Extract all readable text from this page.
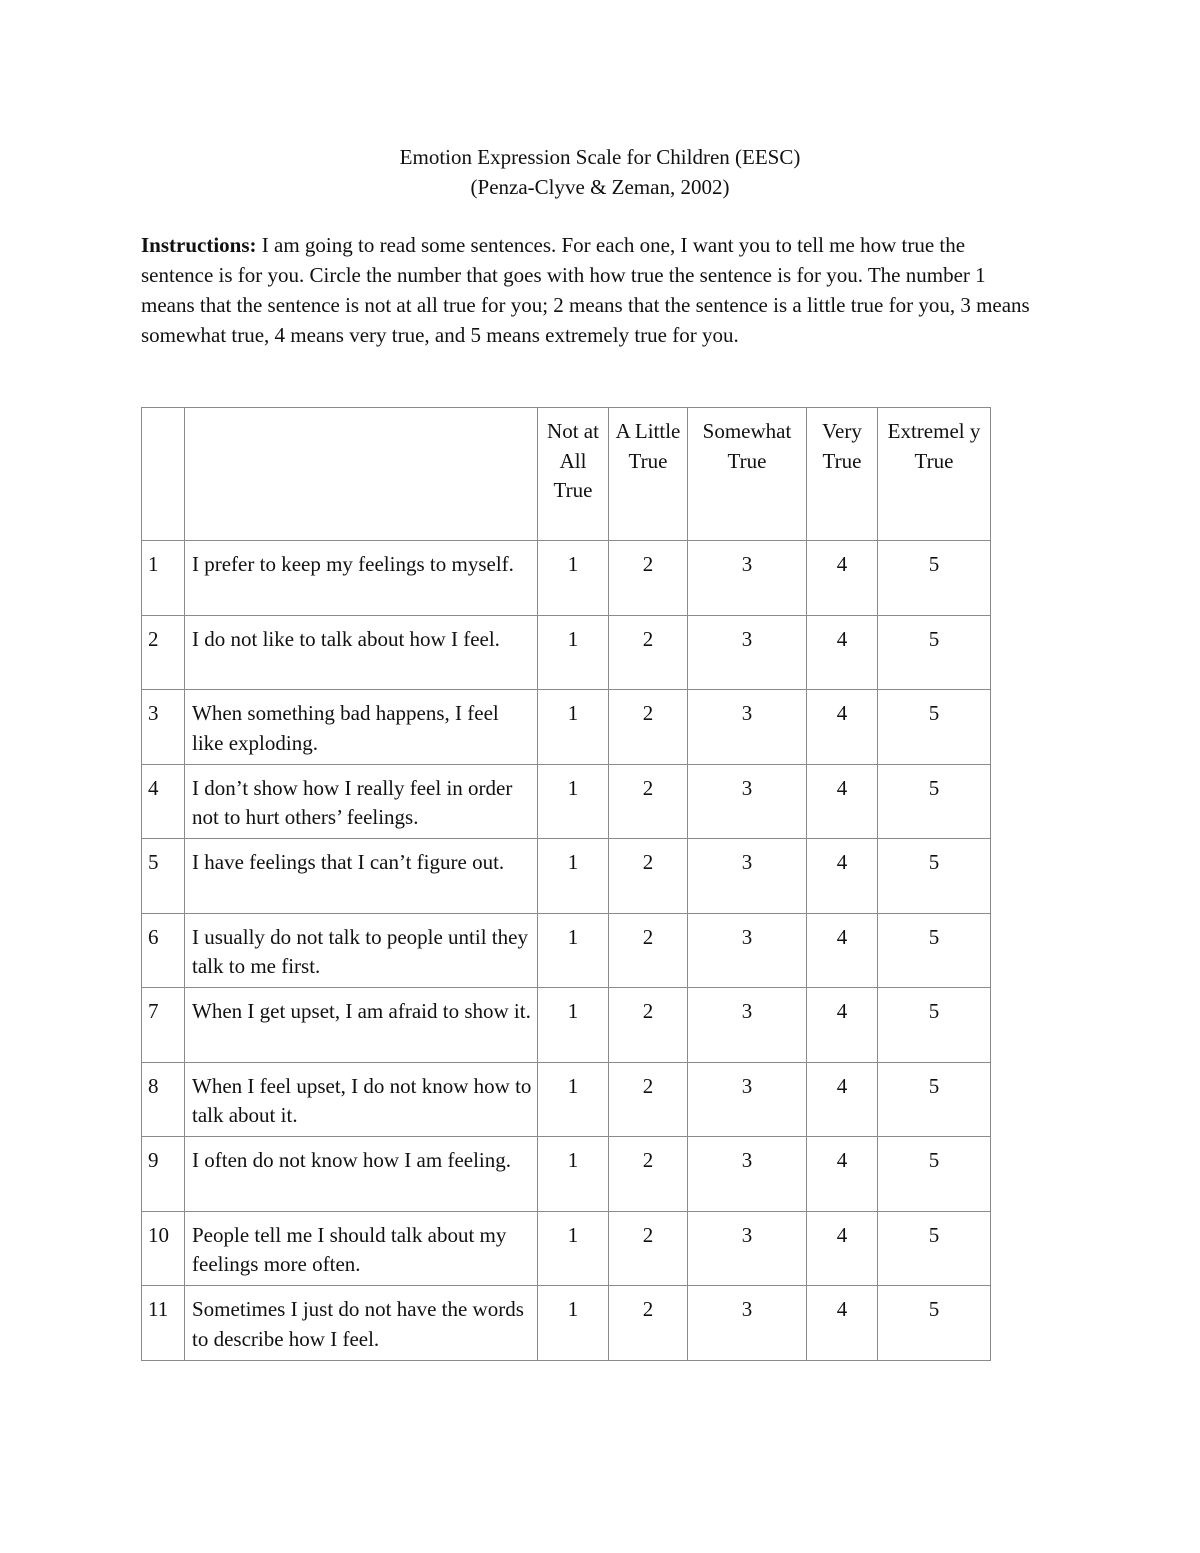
Emotion Expression Scale for Children (EESC)
(Penza-Clyve & Zeman, 2002)
Instructions: I am going to read some sentences. For each one, I want you to tell me how true the sentence is for you. Circle the number that goes with how true the sentence is for you. The number 1 means that the sentence is not at all true for you; 2 means that the sentence is a little true for you, 3 means somewhat true, 4 means very true, and 5 means extremely true for you.
		Not at All True	A Little True	Somewhat True	Very True	Extremel y True
1	I prefer to keep my feelings to myself.	1	2	3	4	5
2	I do not like to talk about how I feel.	1	2	3	4	5
3	When something bad happens, I feel like exploding.	1	2	3	4	5
4	I don’t show how I really feel in order not to hurt others’ feelings.	1	2	3	4	5
5	I have feelings that I can’t figure out.	1	2	3	4	5
6	I usually do not talk to people until they talk to me first.	1	2	3	4	5
7	When I get upset, I am afraid to show it.	1	2	3	4	5
8	When I feel upset, I do not know how to talk about it.	1	2	3	4	5
9	I often do not know how I am feeling.	1	2	3	4	5
10	People tell me I should talk about my feelings more often.	1	2	3	4	5
11	Sometimes I just do not have the words to describe how I feel.	1	2	3	4	5
